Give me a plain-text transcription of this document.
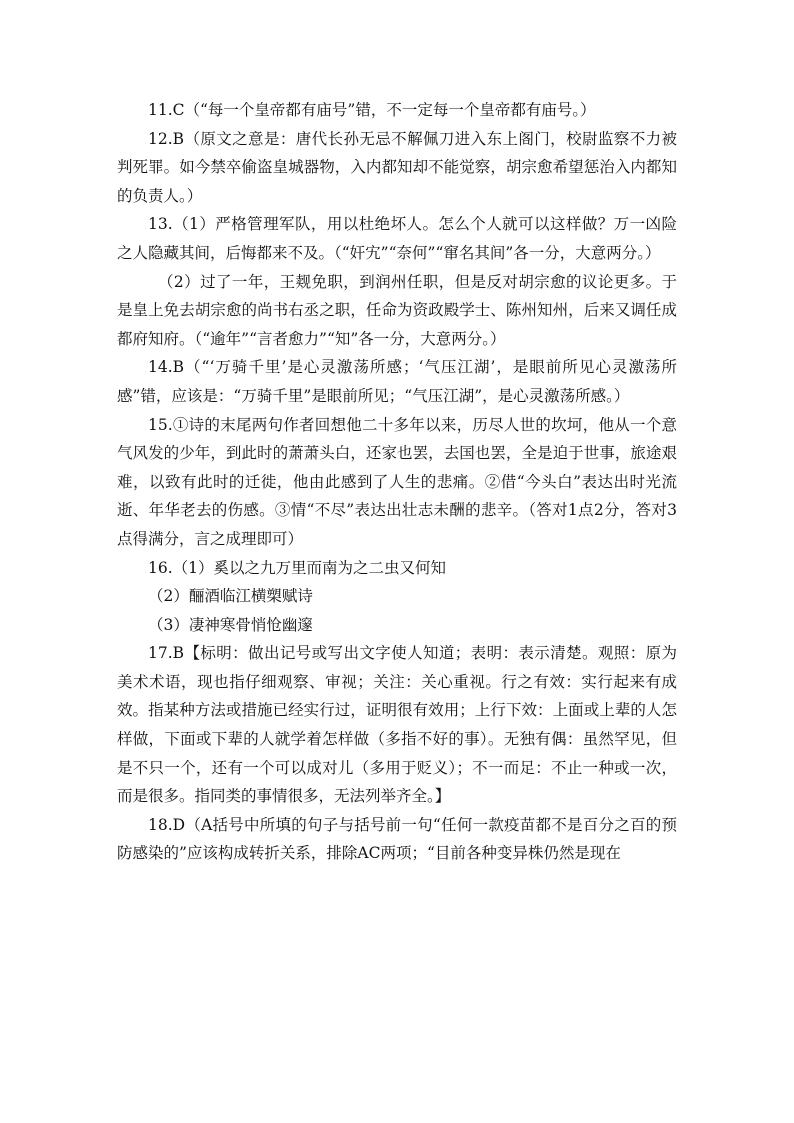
11.C（“每一个皇帝都有庙号”错，不一定每一个皇帝都有庙号。）

12.B（原文之意是：唐代长孙无忌不解佩刀进入东上阁门，校尉监察不力被判死罪。如今禁卒偷盗皇城器物，入内都知却不能觉察，胡宗愈希望惩治入内都知的负责人。）

13.（1）严格管理军队，用以杜绝坏人。怎么个人就可以这样做？万一凶险之人隐藏其间，后悔都来不及。（“奸宄”“奈何”“窜名其间”各一分，大意两分。）

（2）过了一年，王觌免职，到润州任职，但是反对胡宗愈的议论更多。于是皇上免去胡宗愈的尚书右丞之职，任命为资政殿学士、陈州知州，后来又调任成都府知府。（“逾年”“言者愈力”“知”各一分，大意两分。）

14.B（“‘万骑千里’是心灵激荡所感；‘气压江湖’，是眼前所见心灵激荡所感”错，应该是：“万骑千里”是眼前所见；“气压江湖”，是心灵激荡所感。）

15.①诗的末尾两句作者回想他二十多年以来，历尽人世的坎坷，他从一个意气风发的少年，到此时的萧萧头白，还家也罢，去国也罢，全是迫于世事，旅途艰难，以致有此时的迁徙，他由此感到了人生的悲痛。②借“今头白”表达出时光流逝、年华老去的伤感。③情“不尽”表达出壮志未酬的悲辛。（答对1点2分，答对3点得满分，言之成理即可）

16.（1）奚以之九万里而南为之二虫又何知

（2）酾酒临江横槊赋诗

（3）凄神寒骨悄怆幽邃

17.B【标明：做出记号或写出文字使人知道；表明：表示清楚。观照：原为美术术语，现也指仔细观察、审视；关注：关心重视。行之有效：实行起来有成效。指某种方法或措施已经实行过，证明很有效用；上行下效：上面或上辈的人怎样做，下面或下辈的人就学着怎样做（多指不好的事）。无独有偶：虽然罕见，但是不只一个，还有一个可以成对儿（多用于贬义）；不一而足：不止一种或一次，而是很多。指同类的事情很多，无法列举齐全。】

18.D（A括号中所填的句子与括号前一句“任何一款疫苗都不是百分之百的预防感染的”应该构成转折关系，排除AC两项；“目前各种变异株仍然是现在
